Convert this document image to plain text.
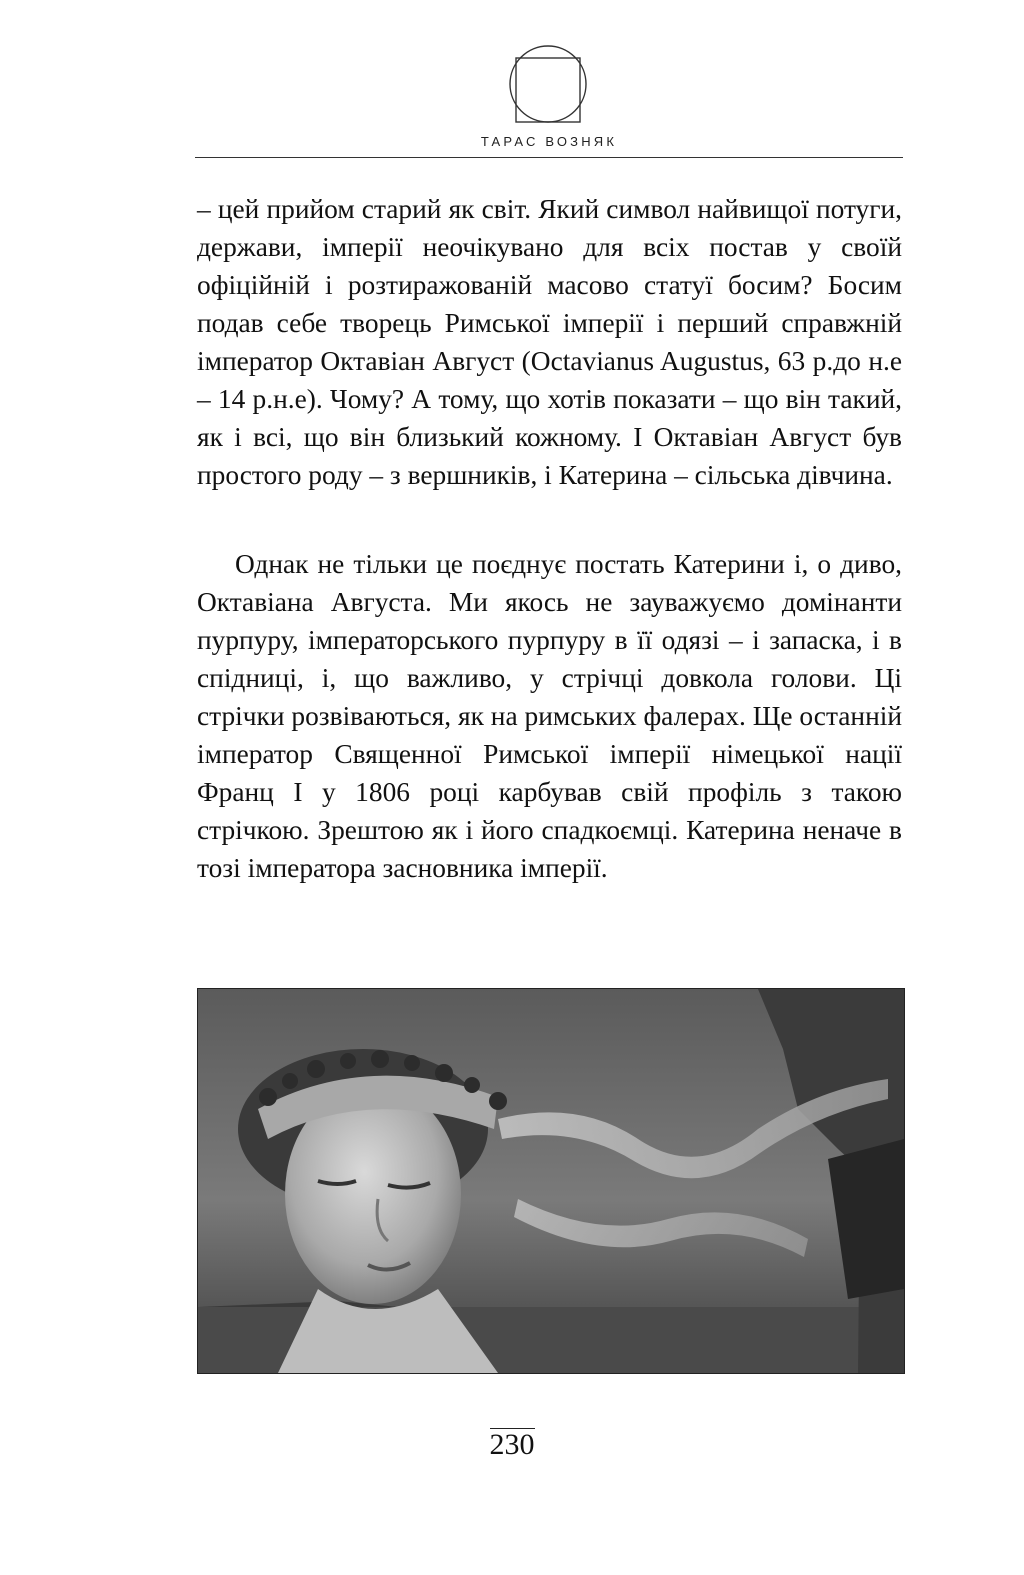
ТАРАС ВОЗНЯК

– цей прийом старий як світ. Який символ найвищої потуги, держави, імперії неочікувано для всіх постав у своїй офіційній і розтиражованій масово статуї босим? Босим подав себе творець Римської імперії і перший справжній імператор Октавіан Август (Octavianus Augustus, 63 р.до н.е – 14 р.н.е). Чому? А тому, що хотів показати – що він такий, як і всі, що він близький кожному. І Октавіан Август був простого роду – з вершників, і Катерина – сільська дівчина.

Однак не тільки це поєднує постать Катерини і, о диво, Октавіана Августа. Ми якось не зауважуємо домінанти пурпуру, імператорського пурпуру в її одязі – і запаска, і в спідниці, і, що важливо, у стрічці довкола голови. Ці стрічки розвіваються, як на римських фалерах. Ще останній імператор Священної Римської імперії німецької нації Франц І у 1806 році карбував свій профіль з такою стрічкою. Зрештою як і його спадкоємці. Катерина неначе в тозі імператора засновника імперії.

230
